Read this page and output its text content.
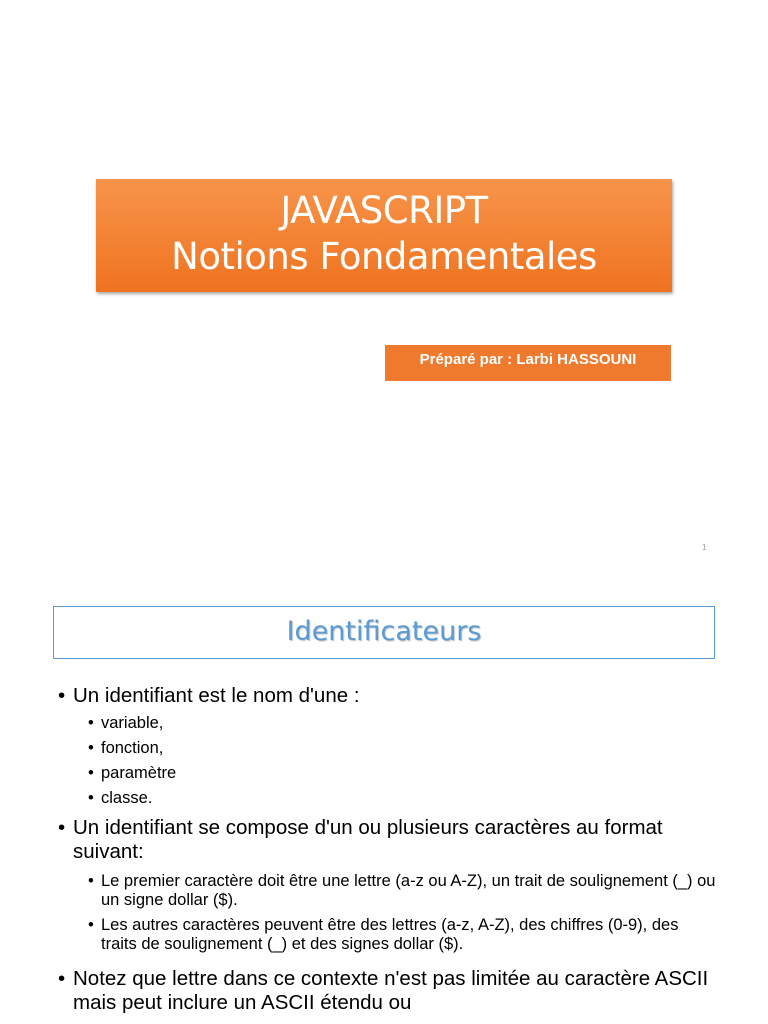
JAVASCRIPT
Notions Fondamentales
Préparé par : Larbi HASSOUNI
1
Identificateurs
• Un identifiant est le nom d'une :
• variable,
• fonction,
• paramètre
• classe.
• Un identifiant se compose d'un ou plusieurs caractères au format suivant:
• Le premier caractère doit être une lettre (a-z ou A-Z), un trait de soulignement (_) ou un signe dollar ($).
• Les autres caractères peuvent être des lettres (a-z, A-Z), des chiffres (0-9), des traits de soulignement (_) et des signes dollar ($).
• Notez que lettre dans ce contexte n'est pas limitée au caractère ASCII mais peut inclure un ASCII étendu ou
